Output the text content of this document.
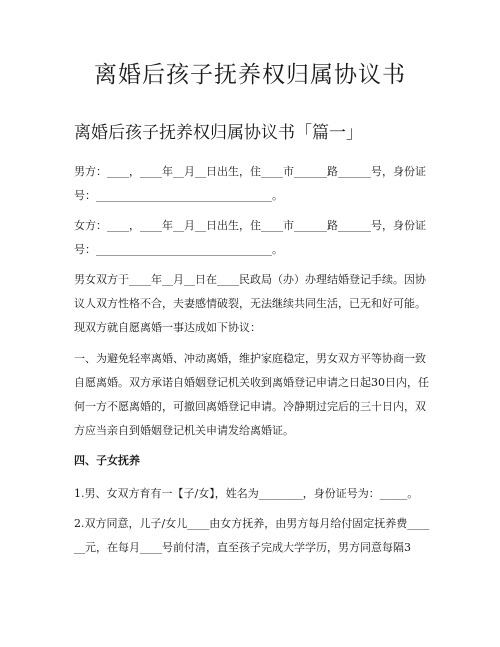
离婚后孩子抚养权归属协议书
离婚后孩子抚养权归属协议书「篇一」

男方：____，____年__月__日出生，住____市______路______号，身份证号：________________________________。

女方：____，____年__月__日出生，住____市______路______号，身份证号：________________________________。

男女双方于____年__月__日在____民政局（办）办理结婚登记手续。因协议人双方性格不合，夫妻感情破裂，无法继续共同生活，已无和好可能。现双方就自愿离婚一事达成如下协议：

一、为避免轻率离婚、冲动离婚，维护家庭稳定，男女双方平等协商一致自愿离婚。双方承诺自婚姻登记机关收到离婚登记申请之日起30日内，任何一方不愿离婚的，可撤回离婚登记申请。冷静期过完后的三十日内，双方应当亲自到婚姻登记机关申请发给离婚证。

四、子女抚养

1.男、女双方育有一【子/女】，姓名为________，身份证号为：_____。

2.双方同意，儿子/女儿____由女方抚养，由男方每月给付固定抚养费______元，在每月____号前付清，直至孩子完成大学学历，男方同意每隔3
